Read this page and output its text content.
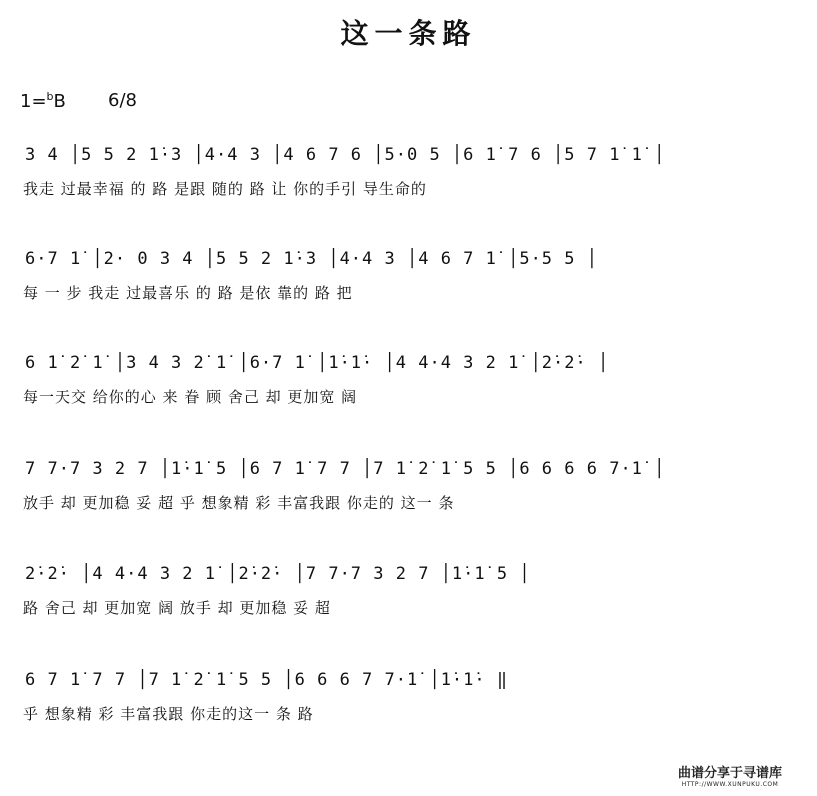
这一条路
1=$^b$B 6/8
3 4 │5 5 2 1̇·3 │4·4 3 │4 6 7 6 │5·0 5 │6 1̇ 7 6 │5 7 1̇ 1̇ │
我走 过最幸福 的 路 是跟 随的 路 让 你的手引 导生命的
6·7 1̇ │2· 0 3 4 │5 5 2 1̇·3 │4·4 3 │4 6 7 1̇ │5·5 5 │
每 一 步 我走 过最喜乐 的 路 是依 靠的 路 把
6 1̇ 2̇ 1̇ │3 4 3 2̇ 1̇ │6·7 1̇ │1̇·1̇· │4 4·4 3 2 1̇ │2̇·2̇· │
每一天交 给你的心 来 眷 顾 舍己 却 更加宽 阔
7 7·7 3 2 7 │1̇·1̇ 5 │6 7 1̇ 7 7 │7 1̇ 2̇ 1̇ 5 5 │6 6 6 6 7·1̇ │
放手 却 更加稳 妥 超 乎 想象精 彩 丰富我跟 你走的 这一 条
2̇·2̇· │4 4·4 3 2 1̇ │2̇·2̇· │7 7·7 3 2 7 │1̇·1̇ 5 │
路 舍己 却 更加宽 阔 放手 却 更加稳 妥 超
6 7 1̇ 7 7 │7 1̇ 2̇ 1̇ 5 5 │6 6 6 7 7·1̇ │1̇·1̇· ‖
乎 想象精 彩 丰富我跟 你走的这一 条 路
曲谱分享于寻谱库
HTTP://WWW.XUNPUKU.COM
